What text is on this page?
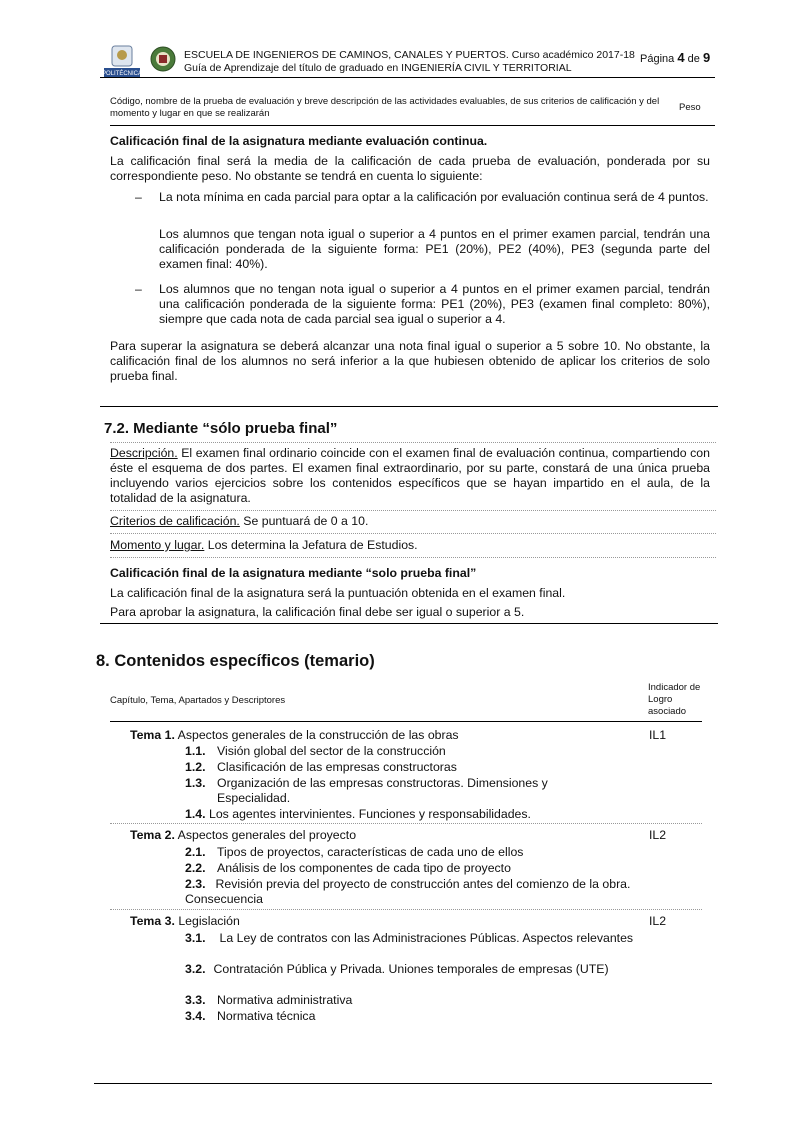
POLITÉCNICA
ESCUELA DE INGENIEROS DE CAMINOS, CANALES Y PUERTOS. Curso académico 2017-18
Guía de Aprendizaje del título de graduado en INGENIERÍA CIVIL Y TERRITORIAL
Página 4 de 9
Código, nombre de la prueba de evaluación y breve descripción de las actividades evaluables, de sus criterios de calificación y del momento y lugar en que se realizarán
Peso
Calificación final de la asignatura mediante evaluación continua.
La calificación final será la media de la calificación de cada prueba de evaluación, ponderada por su correspondiente peso. No obstante se tendrá en cuenta lo siguiente:
– La nota mínima en cada parcial para optar a la calificación por evaluación continua será de 4 puntos.
Los alumnos que tengan nota igual o superior a 4 puntos en el primer examen parcial, tendrán una calificación ponderada de la siguiente forma: PE1 (20%), PE2 (40%), PE3 (segunda parte del examen final: 40%).
– Los alumnos que no tengan nota igual o superior a 4 puntos en el primer examen parcial, tendrán una calificación ponderada de la siguiente forma: PE1 (20%), PE3 (examen final completo: 80%), siempre que cada nota de cada parcial sea igual o superior a 4.
Para superar la asignatura se deberá alcanzar una nota final igual o superior a 5 sobre 10. No obstante, la calificación final de los alumnos no será inferior a la que hubiesen obtenido de aplicar los criterios de solo prueba final.
7.2. Mediante “sólo prueba final”
Descripción. El examen final ordinario coincide con el examen final de evaluación continua, compartiendo con éste el esquema de dos partes. El examen final extraordinario, por su parte, constará de una única prueba incluyendo varios ejercicios sobre los contenidos específicos que se hayan impartido en el aula, de la totalidad de la asignatura.
Criterios de calificación. Se puntuará de 0 a 10.
Momento y lugar. Los determina la Jefatura de Estudios.
Calificación final de la asignatura mediante “solo prueba final”
La calificación final de la asignatura será la puntuación obtenida en el examen final.
Para aprobar la asignatura, la calificación final debe ser igual o superior a 5.
8. Contenidos específicos (temario)
Capítulo, Tema, Apartados y Descriptores
Indicador de Logro asociado
Tema 1. Aspectos generales de la construcción de las obras	IL1
1.1. Visión global del sector de la construcción
1.2. Clasificación de las empresas constructoras
1.3. Organización de las empresas constructoras. Dimensiones y Especialidad.
1.4. Los agentes intervinientes. Funciones y responsabilidades.
Tema 2. Aspectos generales del proyecto	IL2
2.1. Tipos de proyectos, características de cada uno de ellos
2.2. Análisis de los componentes de cada tipo de proyecto
2.3. Revisión previa del proyecto de construcción antes del comienzo de la obra. Consecuencia
Tema 3. Legislación	IL2
3.1. La Ley de contratos con las Administraciones Públicas. Aspectos relevantes
3.2. Contratación Pública y Privada. Uniones temporales de empresas (UTE)
3.3. Normativa administrativa
3.4. Normativa técnica
